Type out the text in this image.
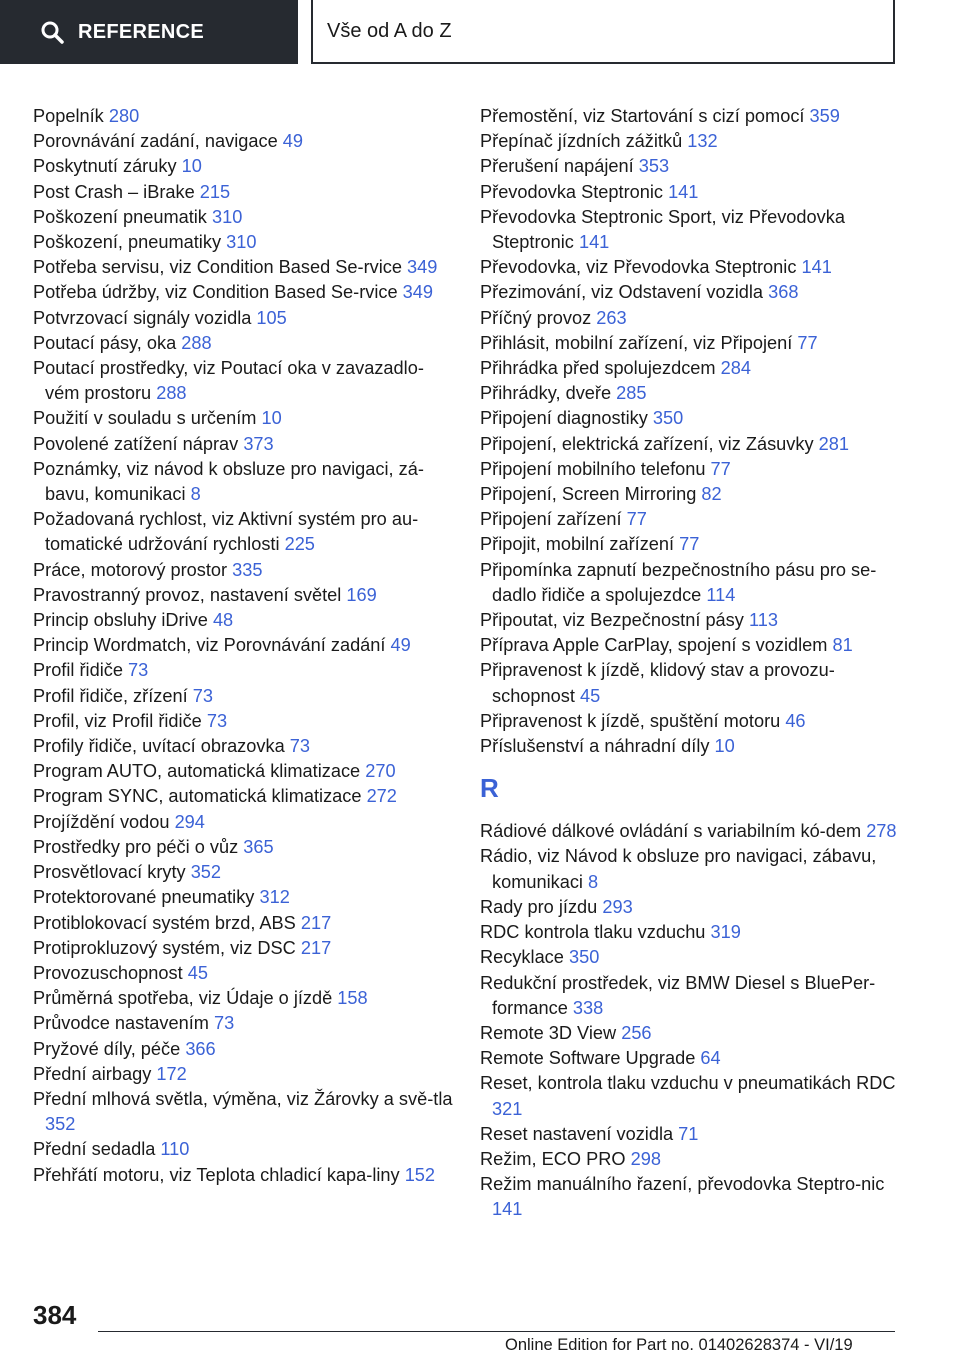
REFERENCE	Vše od A do Z

Popelník 280

Porovnávání zadání, navigace 49

Poskytnutí záruky 10

Post Crash – iBrake 215

Poškození pneumatik 310

Poškození, pneumatiky 310

Potřeba servisu, viz Condition Based Se-rvice 349

Potřeba údržby, viz Condition Based Se-rvice 349

Potvrzovací signály vozidla 105

Poutací pásy, oka 288

Poutací prostředky, viz Poutací oka v zavazadlo-vém prostoru 288

Použití v souladu s určením 10

Povolené zatížení náprav 373

Poznámky, viz návod k obsluze pro navigaci, zá-bavu, komunikaci 8

Požadovaná rychlost, viz Aktivní systém pro au-tomatické udržování rychlosti 225

Práce, motorový prostor 335

Pravostranný provoz, nastavení světel 169

Princip obsluhy iDrive 48

Princip Wordmatch, viz Porovnávání zadání 49

Profil řidiče 73

Profil řidiče, zřízení 73

Profil, viz Profil řidiče 73

Profily řidiče, uvítací obrazovka 73

Program AUTO, automatická klimatizace 270

Program SYNC, automatická klimatizace 272

Projíždění vodou 294

Prostředky pro péči o vůz 365

Prosvětlovací kryty 352

Protektorované pneumatiky 312

Protiblokovací systém brzd, ABS 217

Protiprokluzový systém, viz DSC 217

Provozuschopnost 45

Průměrná spotřeba, viz Údaje o jízdě 158

Průvodce nastavením 73

Pryžové díly, péče 366

Přední airbagy 172

Přední mlhová světla, výměna, viz Žárovky a svě-tla 352

Přední sedadla 110

Přehřátí motoru, viz Teplota chladicí kapa-liny 152

Přemostění, viz Startování s cizí pomocí 359

Přepínač jízdních zážitků 132

Přerušení napájení 353

Převodovka Steptronic 141

Převodovka Steptronic Sport, viz Převodovka Steptronic 141

Převodovka, viz Převodovka Steptronic 141

Přezimování, viz Odstavení vozidla 368

Příčný provoz 263

Přihlásit, mobilní zařízení, viz Připojení 77

Přihrádka před spolujezdcem 284

Přihrádky, dveře 285

Připojení diagnostiky 350

Připojení, elektrická zařízení, viz Zásuvky 281

Připojení mobilního telefonu 77

Připojení, Screen Mirroring 82

Připojení zařízení 77

Připojit, mobilní zařízení 77

Připomínka zapnutí bezpečnostního pásu pro se-dadlo řidiče a spolujezdce 114

Připoutat, viz Bezpečnostní pásy 113

Příprava Apple CarPlay, spojení s vozidlem 81

Připravenost k jízdě, klidový stav a provozu-schopnost 45

Připravenost k jízdě, spuštění motoru 46

Příslušenství a náhradní díly 10

R

Rádiové dálkové ovládání s variabilním kó-dem 278

Rádio, viz Návod k obsluze pro navigaci, zábavu, komunikaci 8

Rady pro jízdu 293

RDC kontrola tlaku vzduchu 319

Recyklace 350

Redukční prostředek, viz BMW Diesel s BluePer-formance 338

Remote 3D View 256

Remote Software Upgrade 64

Reset, kontrola tlaku vzduchu v pneumatikách RDC 321

Reset nastavení vozidla 71

Režim, ECO PRO 298

Režim manuálního řazení, převodovka Steptro-nic 141

384
Online Edition for Part no. 01402628374 - VI/19
